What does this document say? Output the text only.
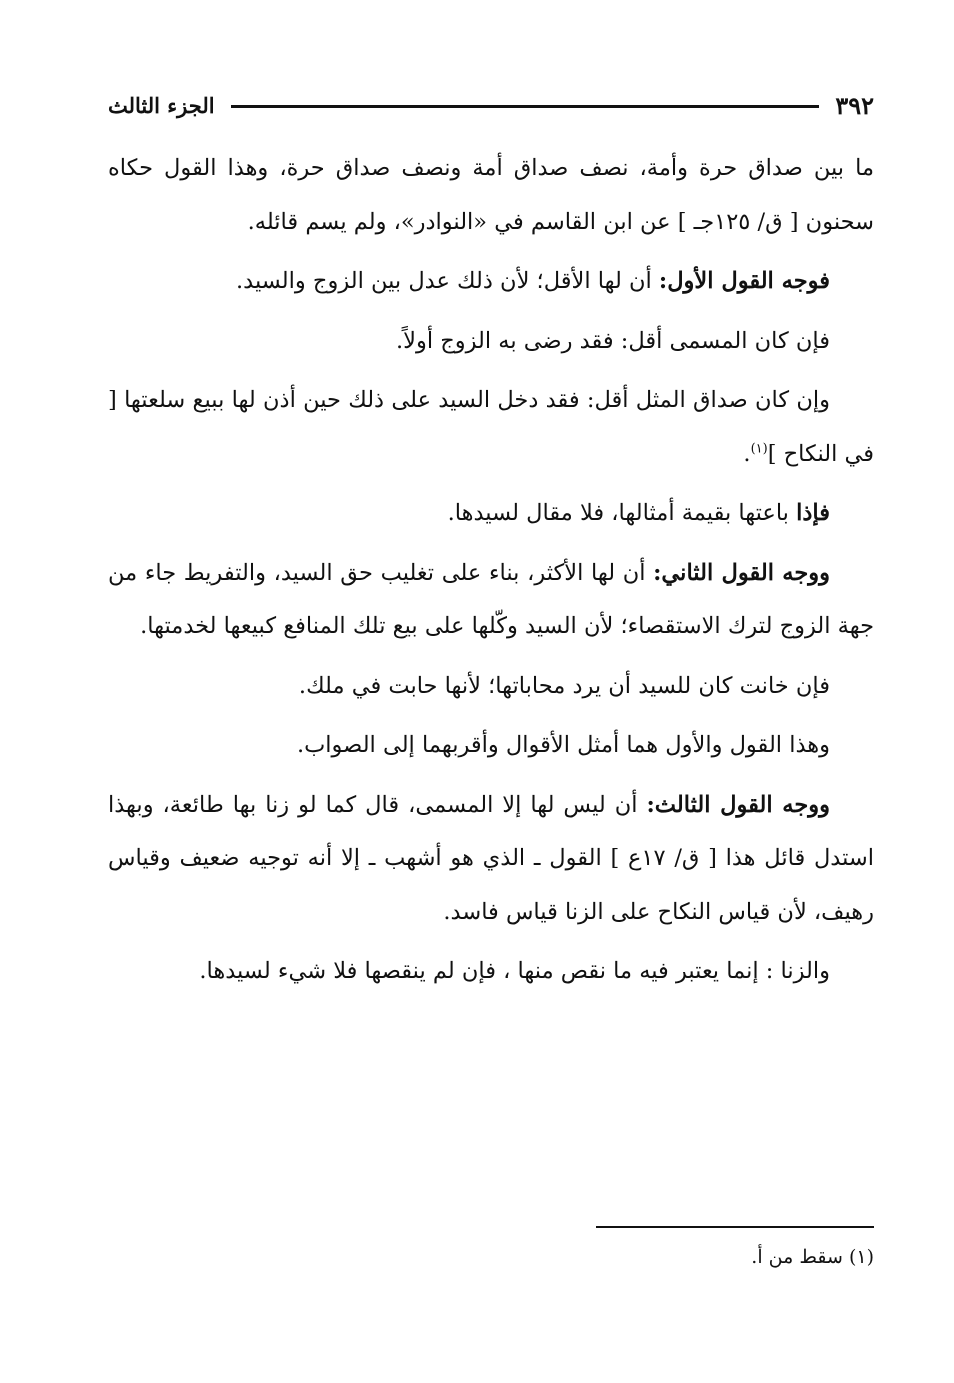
٣٩٢
الجزء الثالث

ما بين صداق حرة وأمة، نصف صداق أمة ونصف صداق حرة، وهذا القول حكاه سحنون [ ق/ ١٢٥جـ ] عن ابن القاسم في «النوادر»، ولم يسم قائله.

فوجه القول الأول: أن لها الأقل؛ لأن ذلك عدل بين الزوج والسيد.

فإن كان المسمى أقل: فقد رضى به الزوج أولاً.

وإن كان صداق المثل أقل: فقد دخل السيد على ذلك حين أذن لها ببيع سلعتها [ في النكاح ]$^{(١)}$.

فإذا باعتها بقيمة أمثالها، فلا مقال لسيدها.

ووجه القول الثاني: أن لها الأكثر، بناء على تغليب حق السيد، والتفريط جاء من جهة الزوج لترك الاستقصاء؛ لأن السيد وكّلها على بيع تلك المنافع كبيعها لخدمتها.

فإن خانت كان للسيد أن يرد محاباتها؛ لأنها حابت في ملك.

وهذا القول والأول هما أمثل الأقوال وأقربهما إلى الصواب.

ووجه القول الثالث: أن ليس لها إلا المسمى، قال كما لو زنا بها طائعة، وبهذا استدل قائل هذا [ ق/ ١٧ع ] القول ـ الذي هو أشهب ـ إلا أنه توجيه ضعيف وقياس رهيف، لأن قياس النكاح على الزنا قياس فاسد.

والزنا : إنما يعتبر فيه ما نقص منها ، فإن لم ينقصها فلا شيء لسيدها.

(١) سقط من أ.
